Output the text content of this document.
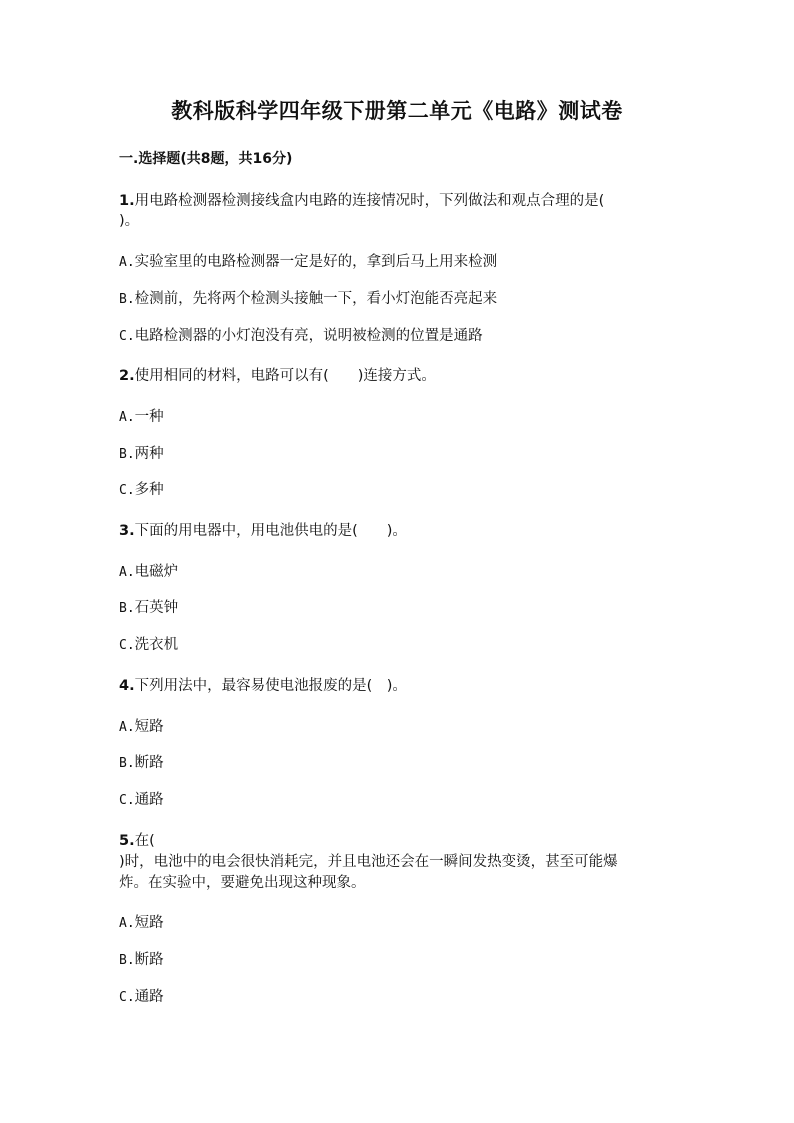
教科版科学四年级下册第二单元《电路》测试卷
一.选择题(共8题，共16分)
1.用电路检测器检测接线盒内电路的连接情况时，下列做法和观点合理的是(
)。
A.实验室里的电路检测器一定是好的，拿到后马上用来检测
B.检测前，先将两个检测头接触一下，看小灯泡能否亮起来
C.电路检测器的小灯泡没有亮，说明被检测的位置是通路
2.使用相同的材料，电路可以有(　　)连接方式。
A.一种
B.两种
C.多种
3.下面的用电器中，用电池供电的是(　　)。
A.电磁炉
B.石英钟
C.洗衣机
4.下列用法中，最容易使电池报废的是(　)。
A.短路
B.断路
C.通路
5.在(
)时，电池中的电会很快消耗完，并且电池还会在一瞬间发热变烫，甚至可能爆
炸。在实验中，要避免出现这种现象。
A.短路
B.断路
C.通路
